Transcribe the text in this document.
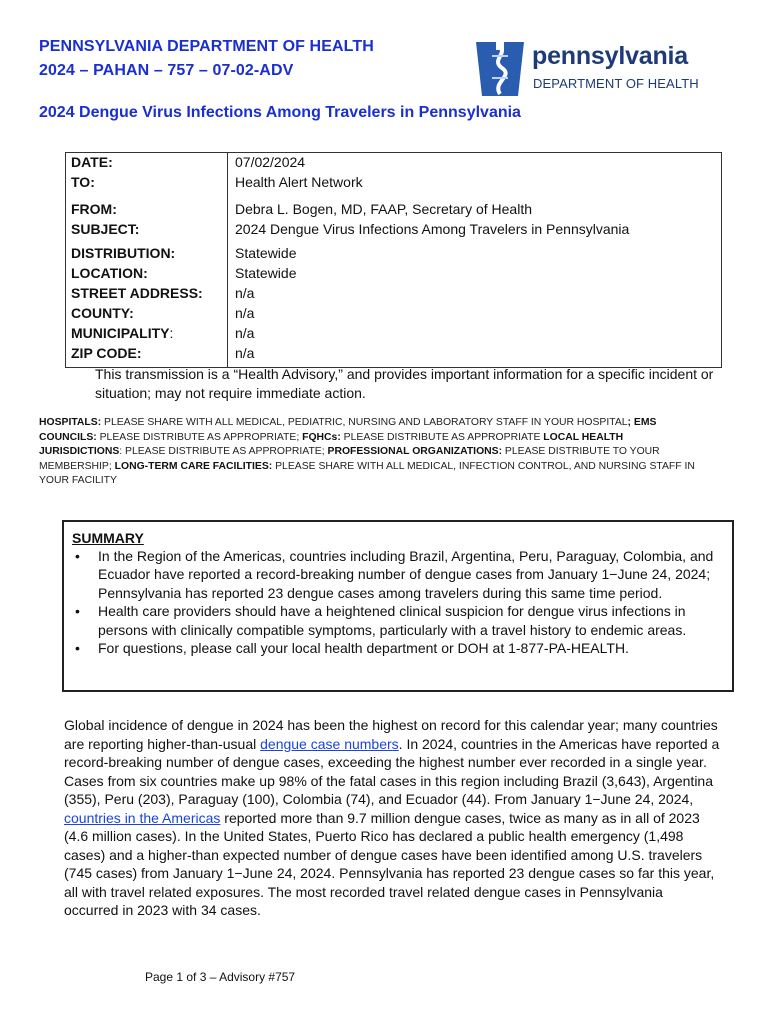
PENNSYLVANIA DEPARTMENT OF HEALTH
2024 – PAHAN – 757 – 07-02-ADV
pennsylvania
DEPARTMENT OF HEALTH
2024 Dengue Virus Infections Among Travelers in Pennsylvania
DATE:	07/02/2024
TO:	Health Alert Network
FROM:	Debra L. Bogen, MD, FAAP, Secretary of Health
SUBJECT:	2024 Dengue Virus Infections Among Travelers in Pennsylvania
DISTRIBUTION:	Statewide
LOCATION:	Statewide
STREET ADDRESS: n/a
COUNTY:	n/a
MUNICIPALITY:	n/a
ZIP CODE:	n/a
This transmission is a “Health Advisory,” and provides important information for a specific incident or situation; may not require immediate action.
HOSPITALS: PLEASE SHARE WITH ALL MEDICAL, PEDIATRIC, NURSING AND LABORATORY STAFF IN YOUR HOSPITAL; EMS COUNCILS: PLEASE DISTRIBUTE AS APPROPRIATE; FQHCs: PLEASE DISTRIBUTE AS APPROPRIATE LOCAL HEALTH JURISDICTIONS: PLEASE DISTRIBUTE AS APPROPRIATE; PROFESSIONAL ORGANIZATIONS: PLEASE DISTRIBUTE TO YOUR MEMBERSHIP; LONG-TERM CARE FACILITIES: PLEASE SHARE WITH ALL MEDICAL, INFECTION CONTROL, AND NURSING STAFF IN YOUR FACILITY
SUMMARY
• In the Region of the Americas, countries including Brazil, Argentina, Peru, Paraguay, Colombia, and Ecuador have reported a record-breaking number of dengue cases from January 1−June 24, 2024; Pennsylvania has reported 23 dengue cases among travelers during this same time period.
• Health care providers should have a heightened clinical suspicion for dengue virus infections in persons with clinically compatible symptoms, particularly with a travel history to endemic areas.
• For questions, please call your local health department or DOH at 1-877-PA-HEALTH.
Global incidence of dengue in 2024 has been the highest on record for this calendar year; many countries are reporting higher-than-usual dengue case numbers. In 2024, countries in the Americas have reported a record-breaking number of dengue cases, exceeding the highest number ever recorded in a single year. Cases from six countries make up 98% of the fatal cases in this region including Brazil (3,643), Argentina (355), Peru (203), Paraguay (100), Colombia (74), and Ecuador (44). From January 1−June 24, 2024, countries in the Americas reported more than 9.7 million dengue cases, twice as many as in all of 2023 (4.6 million cases). In the United States, Puerto Rico has declared a public health emergency (1,498 cases) and a higher-than expected number of dengue cases have been identified among U.S. travelers (745 cases) from January 1−June 24, 2024. Pennsylvania has reported 23 dengue cases so far this year, all with travel related exposures. The most recorded travel related dengue cases in Pennsylvania occurred in 2023 with 34 cases.
Page 1 of 3 – Advisory #757
